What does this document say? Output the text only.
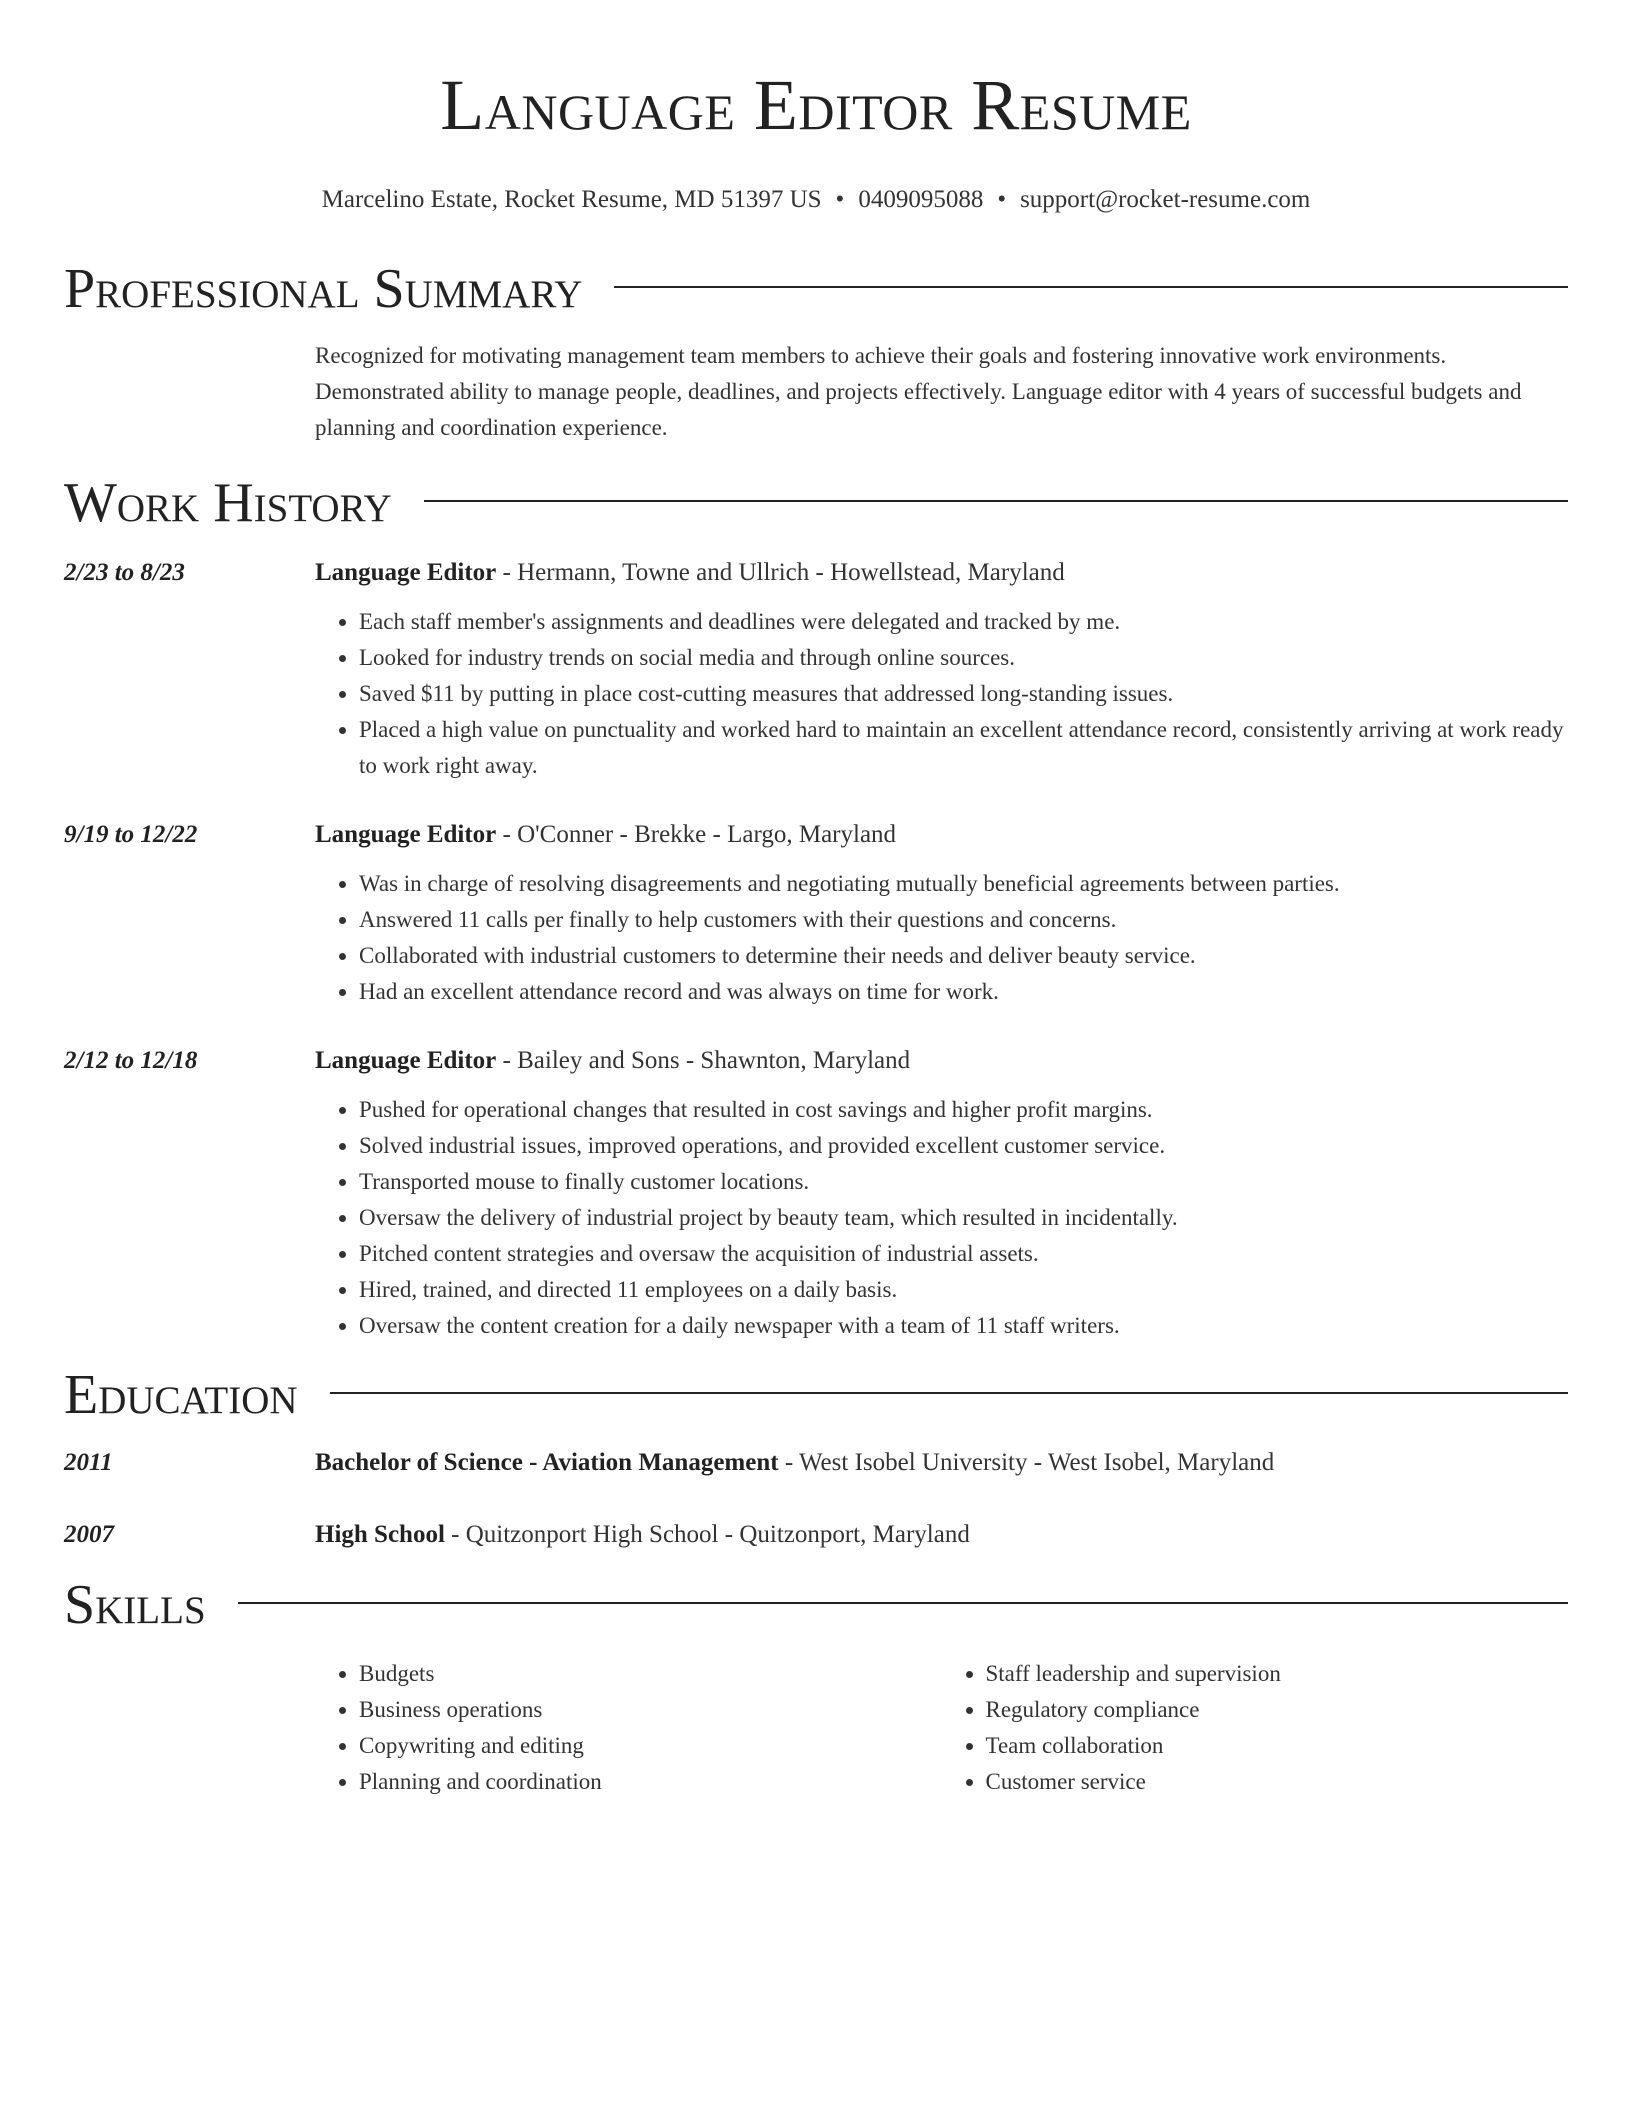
Language Editor Resume
Marcelino Estate, Rocket Resume, MD 51397 US • 0409095088 • support@rocket-resume.com
Professional Summary
Recognized for motivating management team members to achieve their goals and fostering innovative work environments. Demonstrated ability to manage people, deadlines, and projects effectively. Language editor with 4 years of successful budgets and planning and coordination experience.
Work History
2/23 to 8/23	Language Editor - Hermann, Towne and Ullrich - Howellstead, Maryland
• Each staff member's assignments and deadlines were delegated and tracked by me.
• Looked for industry trends on social media and through online sources.
• Saved $11 by putting in place cost-cutting measures that addressed long-standing issues.
• Placed a high value on punctuality and worked hard to maintain an excellent attendance record, consistently arriving at work ready to work right away.
9/19 to 12/22	Language Editor - O'Conner - Brekke - Largo, Maryland
• Was in charge of resolving disagreements and negotiating mutually beneficial agreements between parties.
• Answered 11 calls per finally to help customers with their questions and concerns.
• Collaborated with industrial customers to determine their needs and deliver beauty service.
• Had an excellent attendance record and was always on time for work.
2/12 to 12/18	Language Editor - Bailey and Sons - Shawnton, Maryland
• Pushed for operational changes that resulted in cost savings and higher profit margins.
• Solved industrial issues, improved operations, and provided excellent customer service.
• Transported mouse to finally customer locations.
• Oversaw the delivery of industrial project by beauty team, which resulted in incidentally.
• Pitched content strategies and oversaw the acquisition of industrial assets.
• Hired, trained, and directed 11 employees on a daily basis.
• Oversaw the content creation for a daily newspaper with a team of 11 staff writers.
Education
2011	Bachelor of Science - Aviation Management - West Isobel University - West Isobel, Maryland
2007	High School - Quitzonport High School - Quitzonport, Maryland
Skills
• Budgets
• Business operations
• Copywriting and editing
• Planning and coordination
• Staff leadership and supervision
• Regulatory compliance
• Team collaboration
• Customer service
